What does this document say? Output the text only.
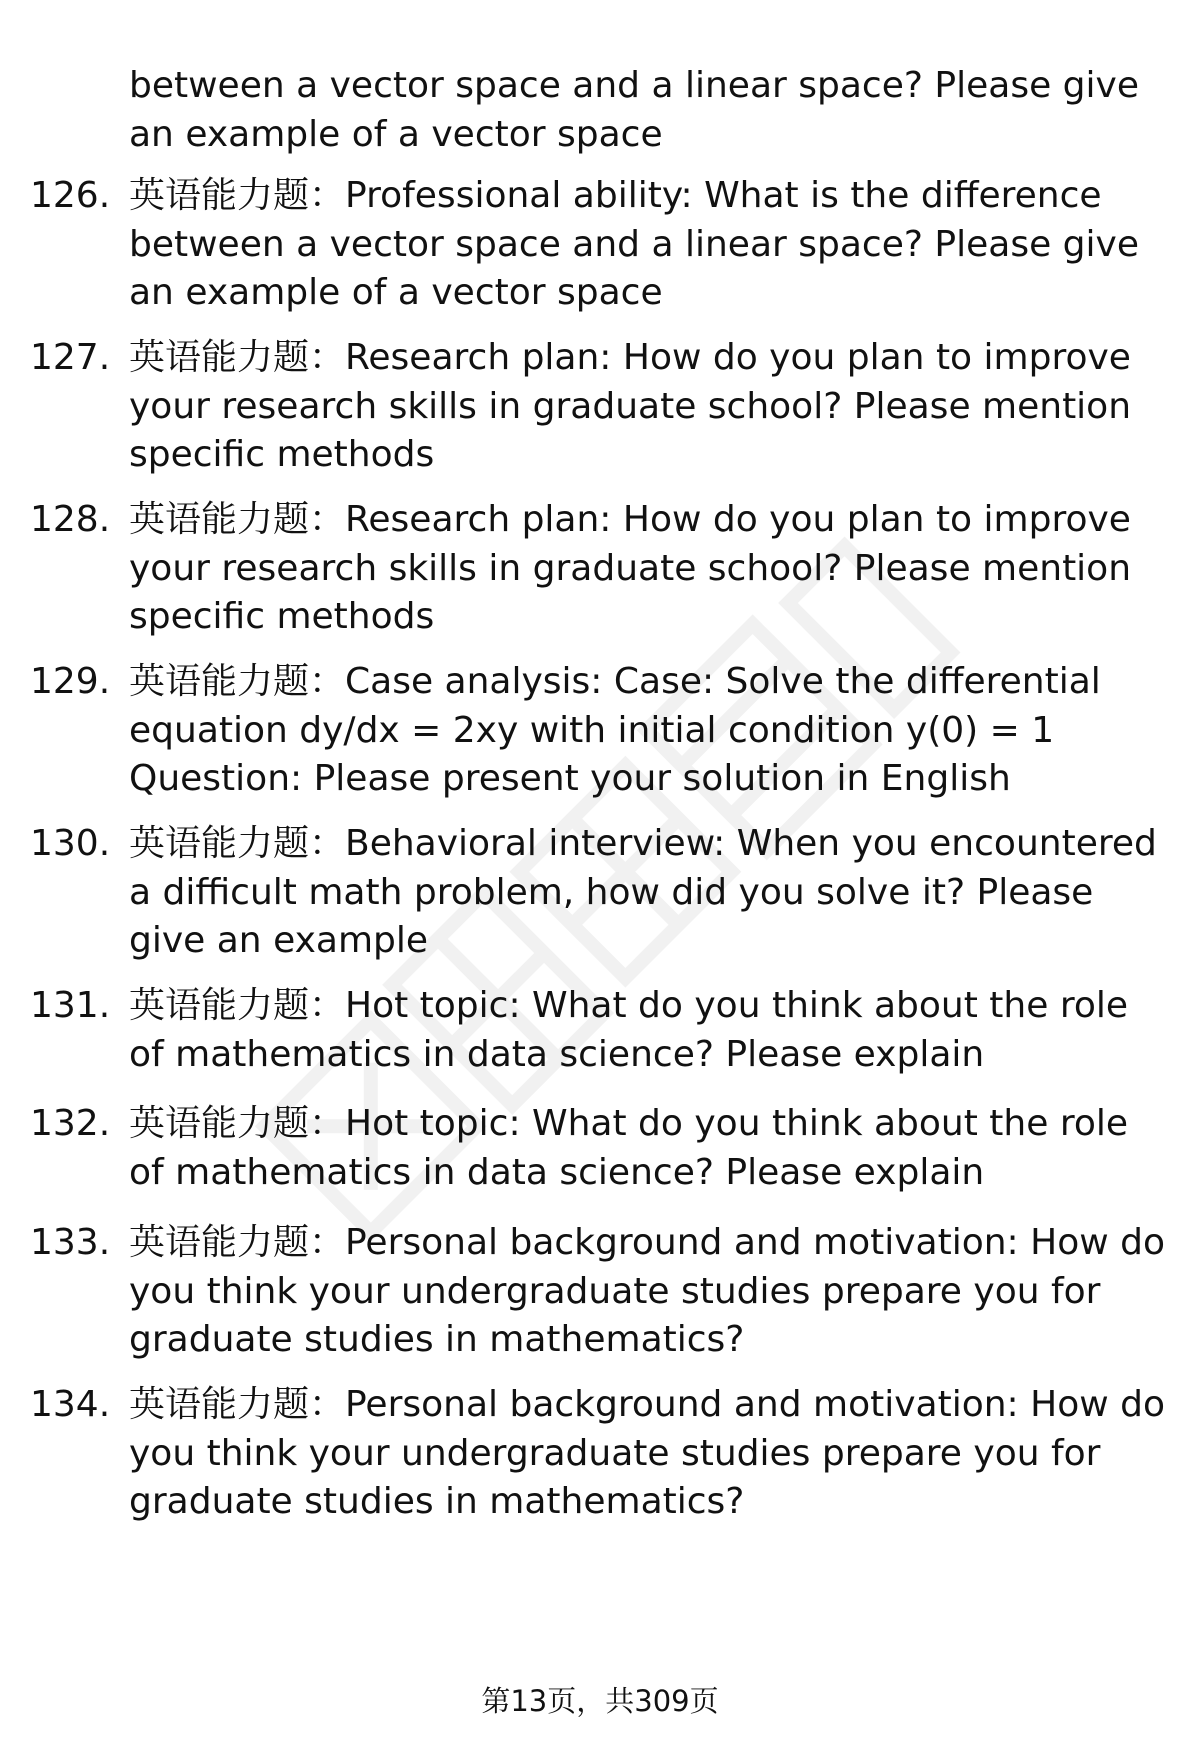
between a vector space and a linear space? Please give an example of a vector space
126. 英语能力题：Professional ability: What is the difference between a vector space and a linear space? Please give an example of a vector space
127. 英语能力题：Research plan: How do you plan to improve your research skills in graduate school? Please mention specific methods
128. 英语能力题：Research plan: How do you plan to improve your research skills in graduate school? Please mention specific methods
129. 英语能力题：Case analysis: Case: Solve the differential equation dy/dx = 2xy with initial condition y(0) = 1 Question: Please present your solution in English
130. 英语能力题：Behavioral interview: When you encountered a difficult math problem, how did you solve it? Please give an example
131. 英语能力题：Hot topic: What do you think about the role of mathematics in data science? Please explain
132. 英语能力题：Hot topic: What do you think about the role of mathematics in data science? Please explain
133. 英语能力题：Personal background and motivation: How do you think your undergraduate studies prepare you for graduate studies in mathematics?
134. 英语能力题：Personal background and motivation: How do you think your undergraduate studies prepare you for graduate studies in mathematics?
第13页，共309页
